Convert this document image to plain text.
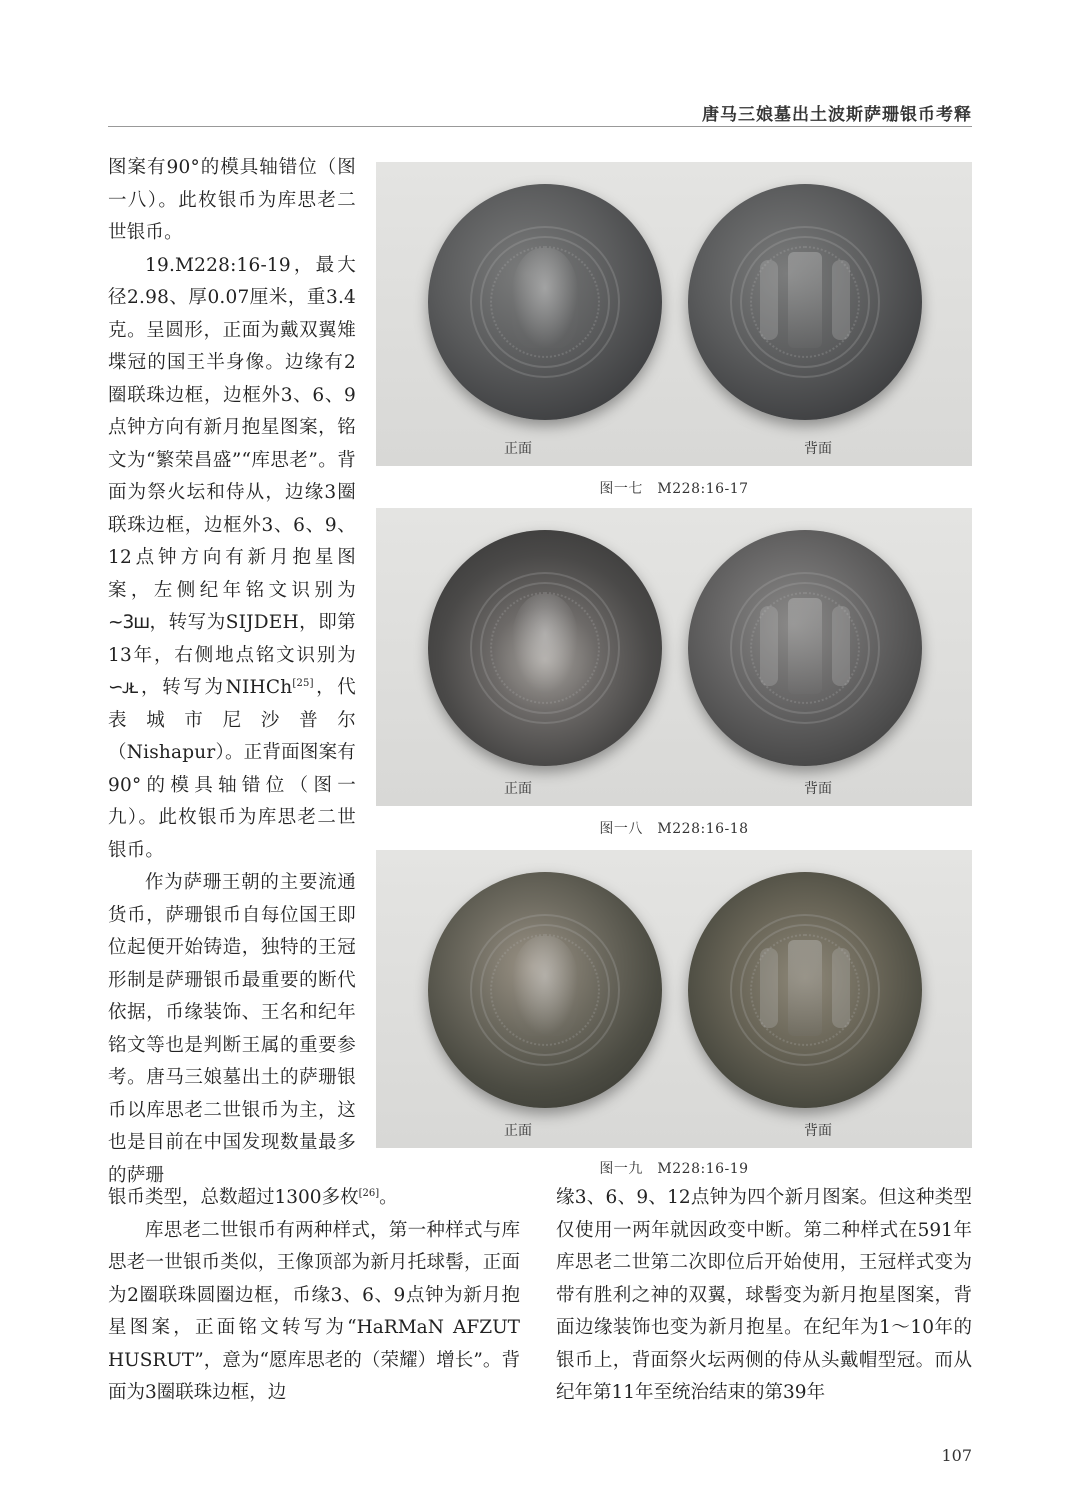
唐马三娘墓出土波斯萨珊银币考释

图案有90°的模具轴错位（图一八）。此枚银币为库思老二世银币。

19.M228:16-19，最大径2.98、厚0.07厘米，重3.4克。呈圆形，正面为戴双翼雉堞冠的国王半身像。边缘有2圈联珠边框，边框外3、6、9点钟方向有新月抱星图案，铭文为“繁荣昌盛”“库思老”。背面为祭火坛和侍从，边缘3圈联珠边框，边框外3、6、9、12点钟方向有新月抱星图案，左侧纪年铭文识别为~3ш，转写为SIJDEH，即第13年，右侧地点铭文识别为∽ᴊᴌ，转写为NIHCh[25]，代表城市尼沙普尔（Nishapur）。正背面图案有90°的模具轴错位（图一九）。此枚银币为库思老二世银币。

作为萨珊王朝的主要流通货币，萨珊银币自每位国王即位起便开始铸造，独特的王冠形制是萨珊银币最重要的断代依据，币缘装饰、王名和纪年铭文等也是判断王属的重要参考。唐马三娘墓出土的萨珊银币以库思老二世银币为主，这也是目前在中国发现数量最多的萨珊

正面	背面
图一七　M228:16-17
正面	背面
图一八　M228:16-18
正面	背面
图一九　M228:16-19

银币类型，总数超过1300多枚[26]。

库思老二世银币有两种样式，第一种样式与库思老一世银币类似，王像顶部为新月托球髻，正面为2圈联珠圆圈边框，币缘3、6、9点钟为新月抱星图案，正面铭文转写为“HaRMaN AFZUT HUSRUT”，意为“愿库思老的（荣耀）增长”。背面为3圈联珠边框，边

缘3、6、9、12点钟为四个新月图案。但这种类型仅使用一两年就因政变中断。第二种样式在591年库思老二世第二次即位后开始使用，王冠样式变为带有胜利之神的双翼，球髻变为新月抱星图案，背面边缘装饰也变为新月抱星。在纪年为1～10年的银币上，背面祭火坛两侧的侍从头戴帽型冠。而从纪年第11年至统治结束的第39年

107
